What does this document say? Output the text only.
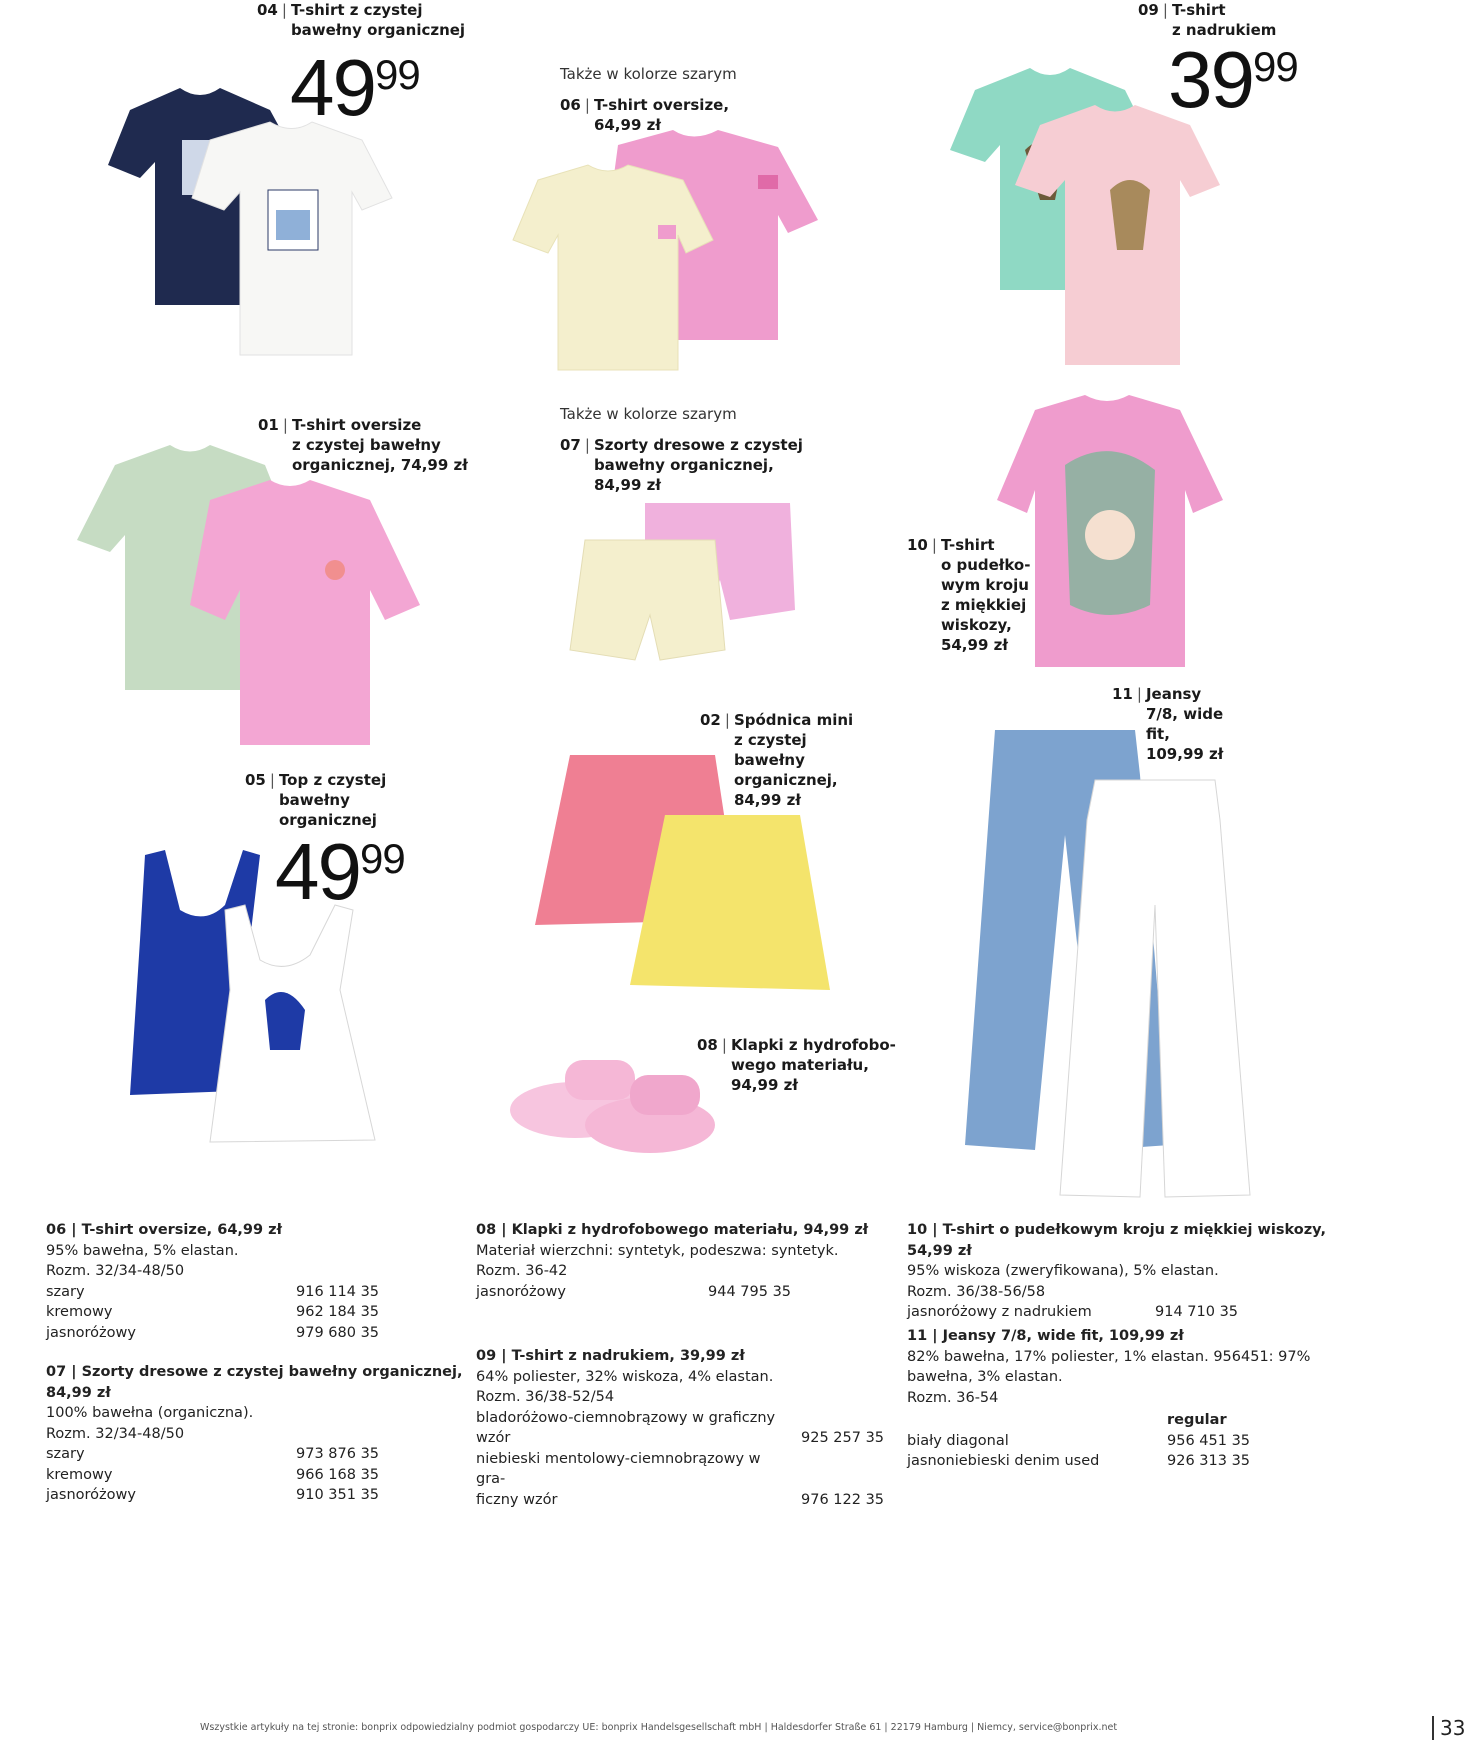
04 | T-shirt z czystej
bawełny organicznej
06 | T-shirt oversize,
64,99 zł
09 | T-shirt
z nadrukiem
01 | T-shirt oversize
z czystej bawełny
organicznej, 74,99 zł
07 | Szorty dresowe z czystej
bawełny organicznej,
84,99 zł
10 | T-shirt
o pudełko-
wym kroju
z miękkiej
wiskozy,
54,99 zł
11 | Jeansy
7/8, wide
fit,
109,99 zł
02 | Spódnica mini
z czystej
bawełny
organicznej,
84,99 zł
05 | Top z czystej
bawełny
organicznej
08 | Klapki z hydrofobo-
wego materiału,
94,99 zł
Także w kolorze szarym
Także w kolorze szarym
4999	3999
4999
06 | T-shirt oversize, 64,99 zł
95% bawełna, 5% elastan.
Rozm. 32/34-48/50
szary	916 114 35
kremowy	962 184 35
jasnoróżowy	979 680 35
07 | Szorty dresowe z czystej bawełny organicznej,
84,99 zł
100% bawełna (organiczna).
Rozm. 32/34-48/50
szary	973 876 35
kremowy	966 168 35
jasnoróżowy	910 351 35
08 | Klapki z hydrofobowego materiału, 94,99 zł
Materiał wierzchni: syntetyk, podeszwa: syntetyk.
Rozm. 36-42
jasnoróżowy	944 795 35
09 | T-shirt z nadrukiem, 39,99 zł
64% poliester, 32% wiskoza, 4% elastan.
Rozm. 36/38-52/54
bladoróżowo-ciemnobrązowy w graficzny
wzór	925 257 35
niebieski mentolowy-ciemnobrązowy w gra-
ficzny wzór	976 122 35
10 | T-shirt o pudełkowym kroju z miękkiej wiskozy,
54,99 zł
95% wiskoza (zweryfikowana), 5% elastan.
Rozm. 36/38-56/58
jasnoróżowy z nadrukiem	914 710 35
11 | Jeansy 7/8, wide fit, 109,99 zł
82% bawełna, 17% poliester, 1% elastan. 956451: 97%
bawełna, 3% elastan.
Rozm. 36-54
	regular
biały diagonal	956 451 35
jasnoniebieski denim used	926 313 35
Wszystkie artykuły na tej stronie: bonprix odpowiedzialny podmiot gospodarczy UE: bonprix Handelsgesellschaft mbH | Haldesdorfer Straße 61 | 22179 Hamburg | Niemcy, service@bonprix.net	33
